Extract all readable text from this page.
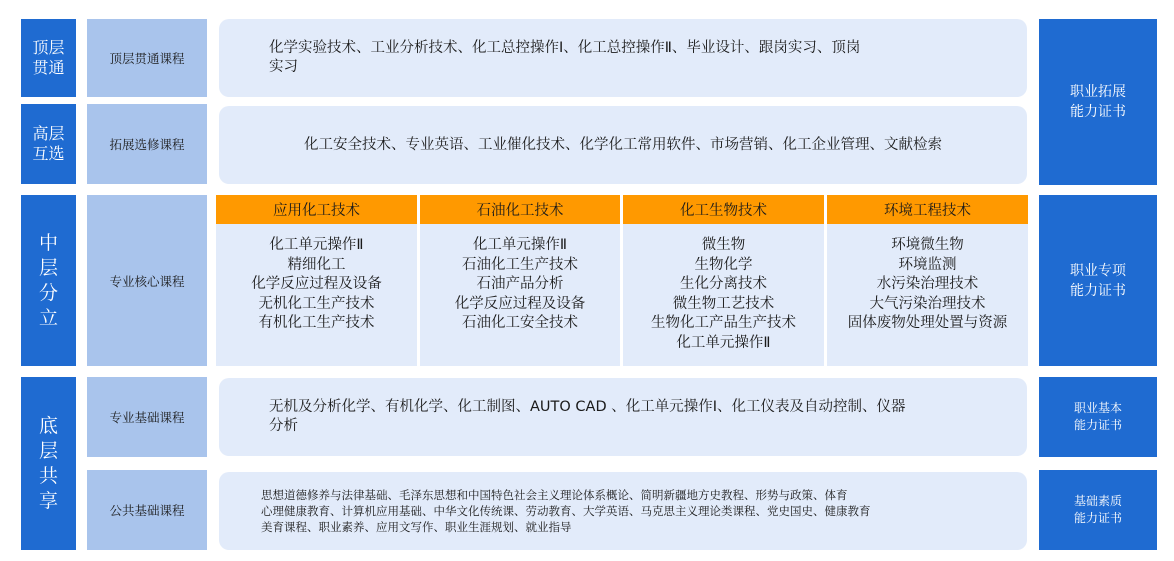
顶层
贯通
高层
互选
中
层
分
立
底
层
共
享
顶层贯通课程
拓展选修课程
专业核心课程
专业基础课程
公共基础课程
化学实验技术、工业分析技术、化工总控操作Ⅰ、化工总控操作Ⅱ、毕业设计、跟岗实习、顶岗
实习
化工安全技术、专业英语、工业催化技术、化学化工常用软件、市场营销、化工企业管理、文献检索
应用化工技术
化工单元操作Ⅱ
精细化工
化学反应过程及设备
无机化工生产技术
有机化工生产技术
石油化工技术
化工单元操作Ⅱ
石油化工生产技术
石油产品分析
化学反应过程及设备
石油化工安全技术
化工生物技术
微生物
生物化学
生化分离技术
微生物工艺技术
生物化工产品生产技术
化工单元操作Ⅱ
环境工程技术
环境微生物
环境监测
水污染治理技术
大气污染治理技术
固体废物处理处置与资源
无机及分析化学、有机化学、化工制图、AUTO CAD 、化工单元操作Ⅰ、化工仪表及自动控制、仪器
分析
思想道德修养与法律基础、毛泽东思想和中国特色社会主义理论体系概论、简明新疆地方史教程、形势与政策、体育
心理健康教育、计算机应用基础、中华文化传统课、劳动教育、大学英语、马克思主义理论类课程、党史国史、健康教育
美育课程、职业素养、应用文写作、职业生涯规划、就业指导
职业拓展
能力证书
职业专项
能力证书
职业基本
能力证书
基础素质
能力证书
